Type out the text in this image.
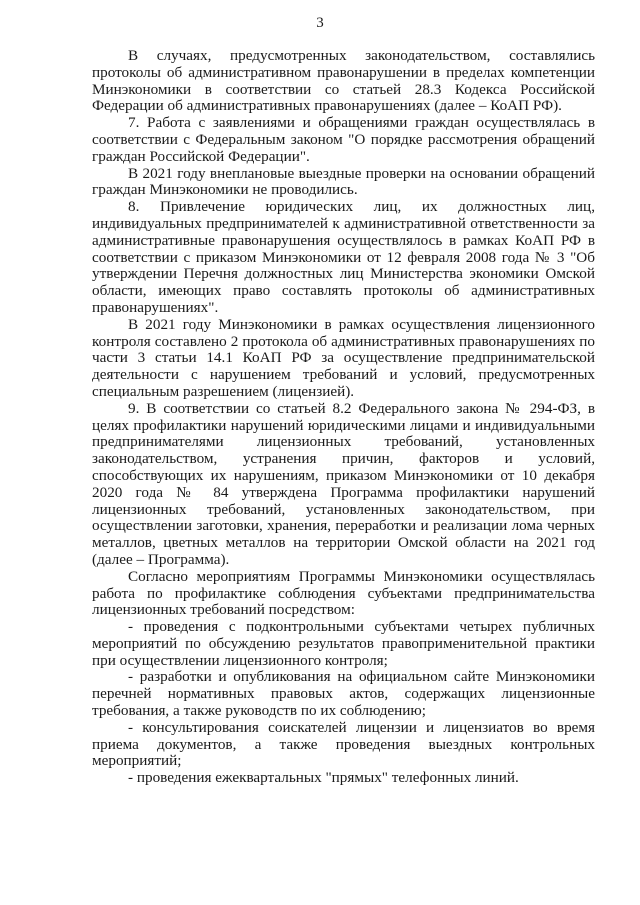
3

В случаях, предусмотренных законодательством, составлялись протоколы об административном правонарушении в пределах компетенции Минэкономики в соответствии со статьей 28.3 Кодекса Российской Федерации об административных правонарушениях (далее – КоАП РФ).

7. Работа с заявлениями и обращениями граждан осуществлялась в соответствии с Федеральным законом "О порядке рассмотрения обращений граждан Российской Федерации".

В 2021 году внеплановые выездные проверки на основании обращений граждан Минэкономики не проводились.

8. Привлечение юридических лиц, их должностных лиц, индивидуальных предпринимателей к административной ответственности за административные правонарушения осуществлялось в рамках КоАП РФ в соответствии с приказом Минэкономики от 12 февраля 2008 года № 3 "Об утверждении Перечня должностных лиц Министерства экономики Омской области, имеющих право составлять протоколы об административных правонарушениях".

В 2021 году Минэкономики в рамках осуществления лицензионного контроля составлено 2 протокола об административных правонарушениях по части 3 статьи 14.1 КоАП РФ за осуществление предпринимательской деятельности с нарушением требований и условий, предусмотренных специальным разрешением (лицензией).

9. В соответствии со статьей 8.2 Федерального закона № 294-ФЗ, в целях профилактики нарушений юридическими лицами и индивидуальными предпринимателями лицензионных требований, установленных законодательством, устранения причин, факторов и условий, способствующих их нарушениям, приказом Минэкономики от 10 декабря 2020 года № 84 утверждена Программа профилактики нарушений лицензионных требований, установленных законодательством, при осуществлении заготовки, хранения, переработки и реализации лома черных металлов, цветных металлов на территории Омской области на 2021 год (далее – Программа).

Согласно мероприятиям Программы Минэкономики осуществлялась работа по профилактике соблюдения субъектами предпринимательства лицензионных требований посредством:

- проведения с подконтрольными субъектами четырех публичных мероприятий по обсуждению результатов правоприменительной практики при осуществлении лицензионного контроля;

- разработки и опубликования на официальном сайте Минэкономики перечней нормативных правовых актов, содержащих лицензионные требования, а также руководств по их соблюдению;

- консультирования соискателей лицензии и лицензиатов во время приема документов, а также проведения выездных контрольных мероприятий;

- проведения ежеквартальных "прямых" телефонных линий.
